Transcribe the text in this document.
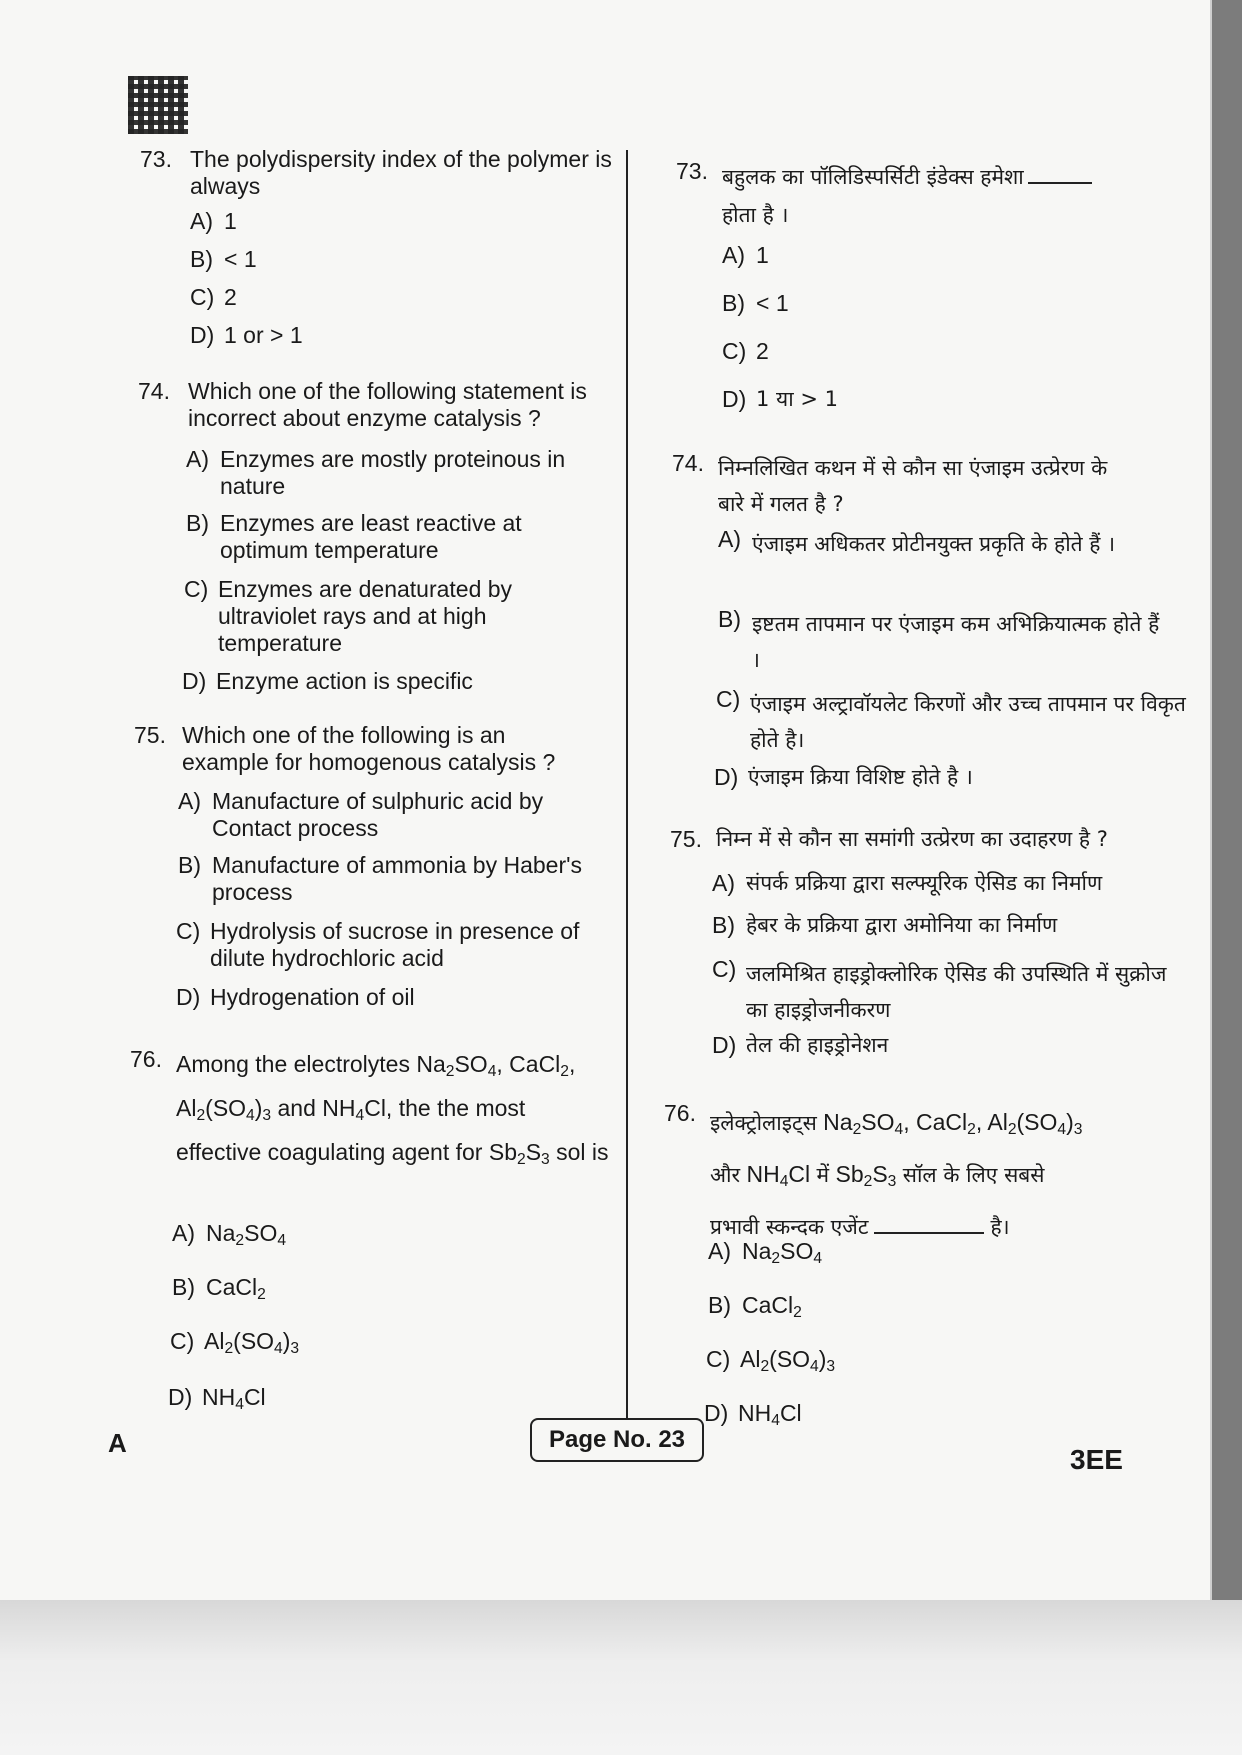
73. The polydispersity index of the polymer is always
A) 1
B) < 1
C) 2
D) 1 or > 1
74. Which one of the following statement is incorrect about enzyme catalysis ?
A) Enzymes are mostly proteinous in nature
B) Enzymes are least reactive at optimum temperature
C) Enzymes are denaturated by ultraviolet rays and at high temperature
D) Enzyme action is specific
75. Which one of the following is an example for homogenous catalysis ?
A) Manufacture of sulphuric acid by Contact process
B) Manufacture of ammonia by Haber's process
C) Hydrolysis of sucrose in presence of dilute hydrochloric acid
D) Hydrogenation of oil
76. Among the electrolytes $Na_2SO_4$, CaCl$_2$, $Al_2(SO_4)_3$ and $NH_4Cl$, the the most effective coagulating agent for $Sb_2S_3$ sol is
A) $Na_2SO_4$
B) CaCl$_2$
C) $Al_2(SO_4)_3$
D) $NH_4Cl$
73. बहुलक का पॉलिडिस्पर्सिटी इंडेक्स हमेशा
होता है ।
A) 1
B) < 1
C) 2
D) 1 या > 1
74. निम्नलिखित कथन में से कौन सा एंजाइम उत्प्रेरण के बारे में गलत है ?
A) एंजाइम अधिकतर प्रोटीनयुक्त प्रकृति के होते हैं ।
B) इष्टतम तापमान पर एंजाइम कम अभिक्रियात्मक होते हैं ।
C) एंजाइम अल्ट्रावॉयलेट किरणों और उच्च तापमान पर विकृत होते है।
D) एंजाइम क्रिया विशिष्ट होते है ।
75. निम्न में से कौन सा समांगी उत्प्रेरण का उदाहरण है ?
A) संपर्क प्रक्रिया द्वारा सल्फ्यूरिक ऐसिड का निर्माण
B) हेबर के प्रक्रिया द्वारा अमोनिया का निर्माण
C) जलमिश्रित हाइड्रोक्लोरिक ऐसिड की उपस्थिति में सुक्रोज का हाइड्रोजनीकरण
D) तेल की हाइड्रोनेशन
76. इलेक्ट्रोलाइट्स $Na_2SO_4$, CaCl$_2$, $Al_2(SO_4)_3$
और $NH_4Cl$ में $Sb_2S_3$ सॉल के लिए सबसे
प्रभावी स्कन्दक एजेंट	है।
A) $Na_2SO_4$
B) CaCl$_2$
C) $Al_2(SO_4)_3$
D) $NH_4Cl$
A	Page No. 23
3EE
